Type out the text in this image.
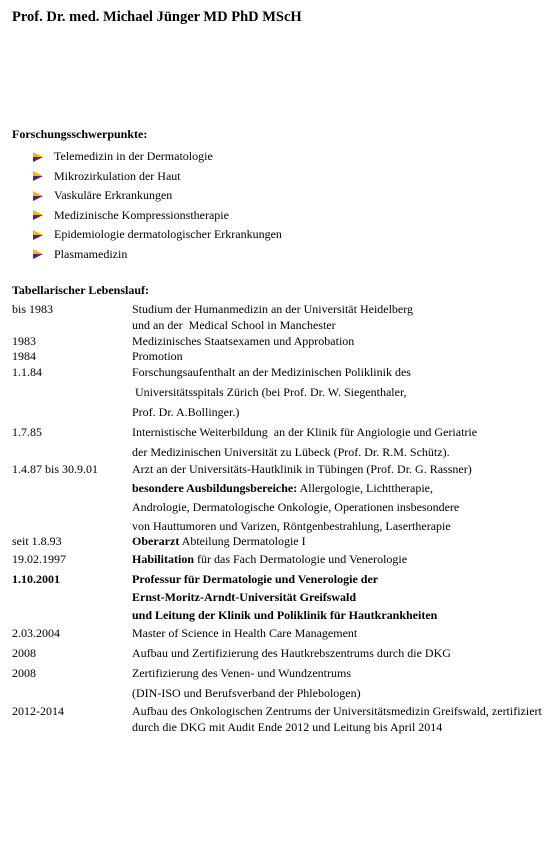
Prof. Dr. med. Michael Jünger MD PhD MScH
Forschungsschwerpunkte:
Telemedizin in der Dermatologie
Mikrozirkulation der Haut
Vaskuläre Erkrankungen
Medizinische Kompressionstherapie
Epidemiologie dermatologischer Erkrankungen
Plasmamedizin
Tabellarischer Lebenslauf:
bis 1983	Studium der Humanmedizin an der Universität Heidelberg
und an der  Medical School in Manchester
1983	Medizinisches Staatsexamen und Approbation
1984	Promotion
1.1.84	Forschungsaufenthalt an der Medizinischen Poliklinik des
Universitätsspitals Zürich (bei Prof. Dr. W. Siegenthaler,
Prof. Dr. A.Bollinger.)
1.7.85	Internistische Weiterbildung  an der Klinik für Angiologie und Geriatrie
der Medizinischen Universität zu Lübeck (Prof. Dr. R.M. Schütz).
1.4.87 bis 30.9.01	Arzt an der Universitäts-Hautklinik in Tübingen (Prof. Dr. G. Rassner)
besondere Ausbildungsbereiche: Allergologie, Lichttherapie,
Andrologie, Dermatologische Onkologie, Operationen insbesondere
von Hauttumoren und Varizen, Röntgenbestrahlung, Lasertherapie
seit 1.8.93	Oberarzt Abteilung Dermatologie I
19.02.1997	Habilitation für das Fach Dermatologie und Venerologie
1.10.2001	Professur für Dermatologie und Venerologie der
Ernst-Moritz-Arndt-Universität Greifswald
und Leitung der Klinik und Poliklinik für Hautkrankheiten
2.03.2004	Master of Science in Health Care Management
2008	Aufbau und Zertifizierung des Hautkrebszentrums durch die DKG
2008	Zertifizierung des Venen- und Wundzentrums
(DIN-ISO und Berufsverband der Phlebologen)
2012-2014	Aufbau des Onkologischen Zentrums der Universitätsmedizin Greifswald, zertifiziert
durch die DKG mit Audit Ende 2012 und Leitung bis April 2014
